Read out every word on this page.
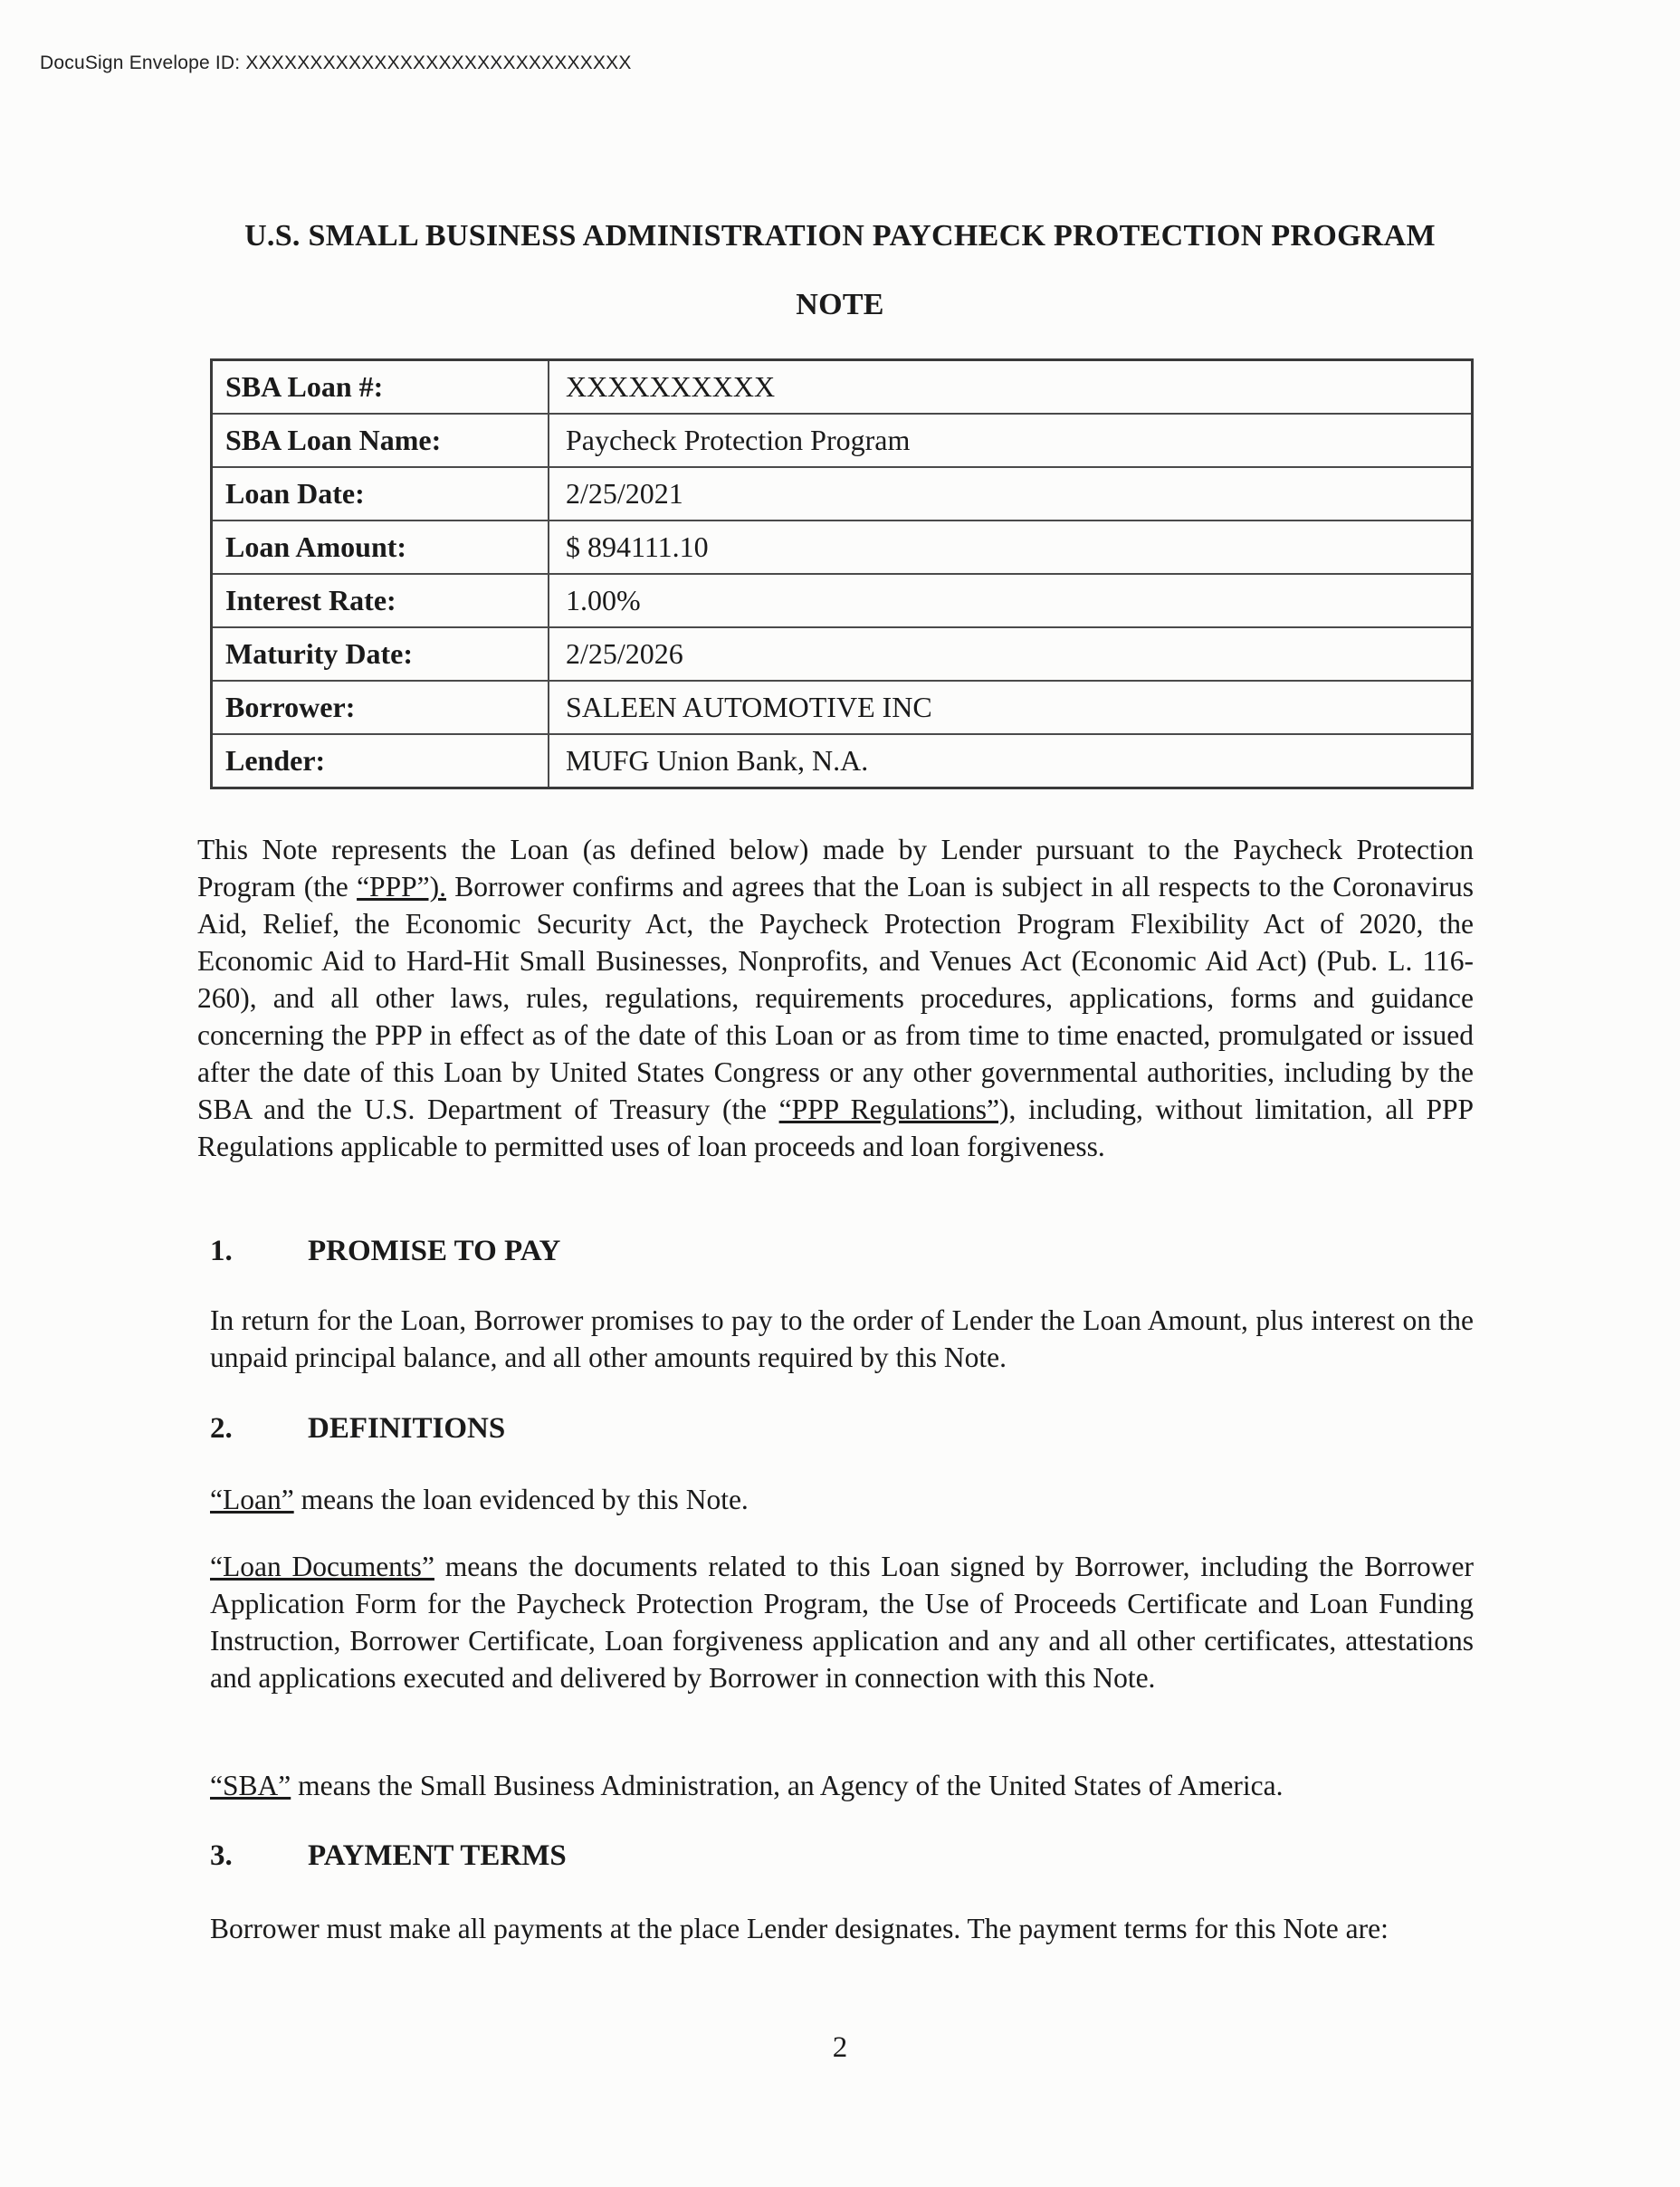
DocuSign Envelope ID: XXXXXXXXXXXXXXXXXXXXXXXXXXXXXX
U.S. SMALL BUSINESS ADMINISTRATION PAYCHECK PROTECTION PROGRAM
NOTE
SBA Loan #:	XXXXXXXXXX
SBA Loan Name:	Paycheck Protection Program
Loan Date:	2/25/2021
Loan Amount:	$ 894111.10
Interest Rate:	1.00%
Maturity Date:	2/25/2026
Borrower:	SALEEN AUTOMOTIVE INC
Lender:	MUFG Union Bank, N.A.

This Note represents the Loan (as defined below) made by Lender pursuant to the Paycheck Protection Program (the “PPP”). Borrower confirms and agrees that the Loan is subject in all respects to the Coronavirus Aid, Relief, the Economic Security Act, the Paycheck Protection Program Flexibility Act of 2020, the Economic Aid to Hard-Hit Small Businesses, Nonprofits, and Venues Act (Economic Aid Act) (Pub. L. 116-260), and all other laws, rules, regulations, requirements procedures, applications, forms and guidance concerning the PPP in effect as of the date of this Loan or as from time to time enacted, promulgated or issued after the date of this Loan by United States Congress or any other governmental authorities, including by the SBA and the U.S. Department of Treasury (the “PPP Regulations”), including, without limitation, all PPP Regulations applicable to permitted uses of loan proceeds and loan forgiveness.

1.	PROMISE TO PAY

In return for the Loan, Borrower promises to pay to the order of Lender the Loan Amount, plus interest on the unpaid principal balance, and all other amounts required by this Note.

2.	DEFINITIONS

“Loan” means the loan evidenced by this Note.

“Loan Documents” means the documents related to this Loan signed by Borrower, including the Borrower Application Form for the Paycheck Protection Program, the Use of Proceeds Certificate and Loan Funding Instruction, Borrower Certificate, Loan forgiveness application and any and all other certificates, attestations and applications executed and delivered by Borrower in connection with this Note.

“SBA” means the Small Business Administration, an Agency of the United States of America.

3.	PAYMENT TERMS

Borrower must make all payments at the place Lender designates. The payment terms for this Note are:

2
